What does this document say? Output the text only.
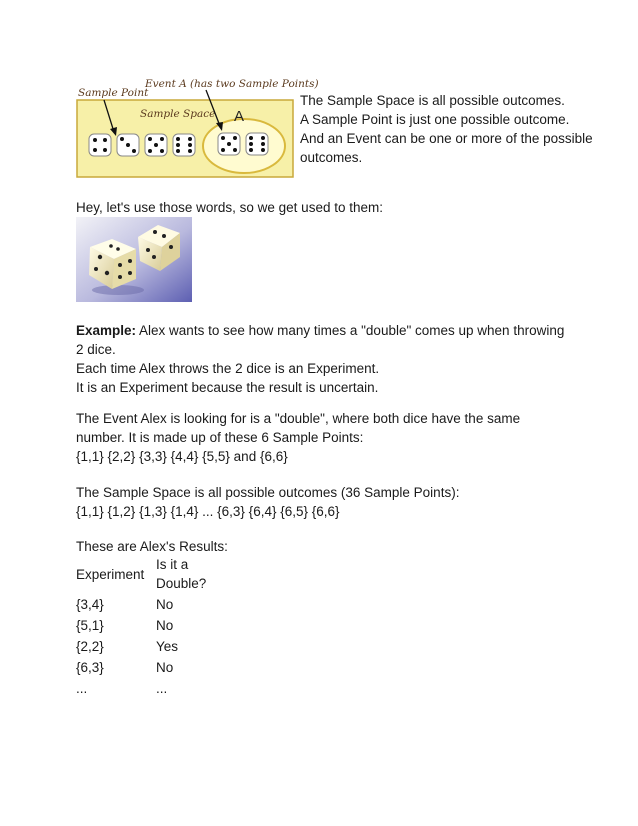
Sample Point
Event A (has two Sample Points)
Sample Space A

The Sample Space is all possible outcomes.

A Sample Point is just one possible outcome.

And an Event can be one or more of the possible outcomes.

Hey, let's use those words, so we get used to them:

Example: Alex wants to see how many times a "double" comes up when throwing 2 dice.

Each time Alex throws the 2 dice is an Experiment.

It is an Experiment because the result is uncertain.

The Event Alex is looking for is a "double", where both dice have the same number. It is made up of these 6 Sample Points:

{1,1} {2,2} {3,3} {4,4} {5,5} and {6,6}

The Sample Space is all possible outcomes (36 Sample Points):

{1,1} {1,2} {1,3} {1,4} ... {6,3} {6,4} {6,5} {6,6}

These are Alex's Results:
Experiment	Is it a Double?
{3,4}	No
{5,1}	No
{2,2}	Yes
{6,3}	No
...	...
